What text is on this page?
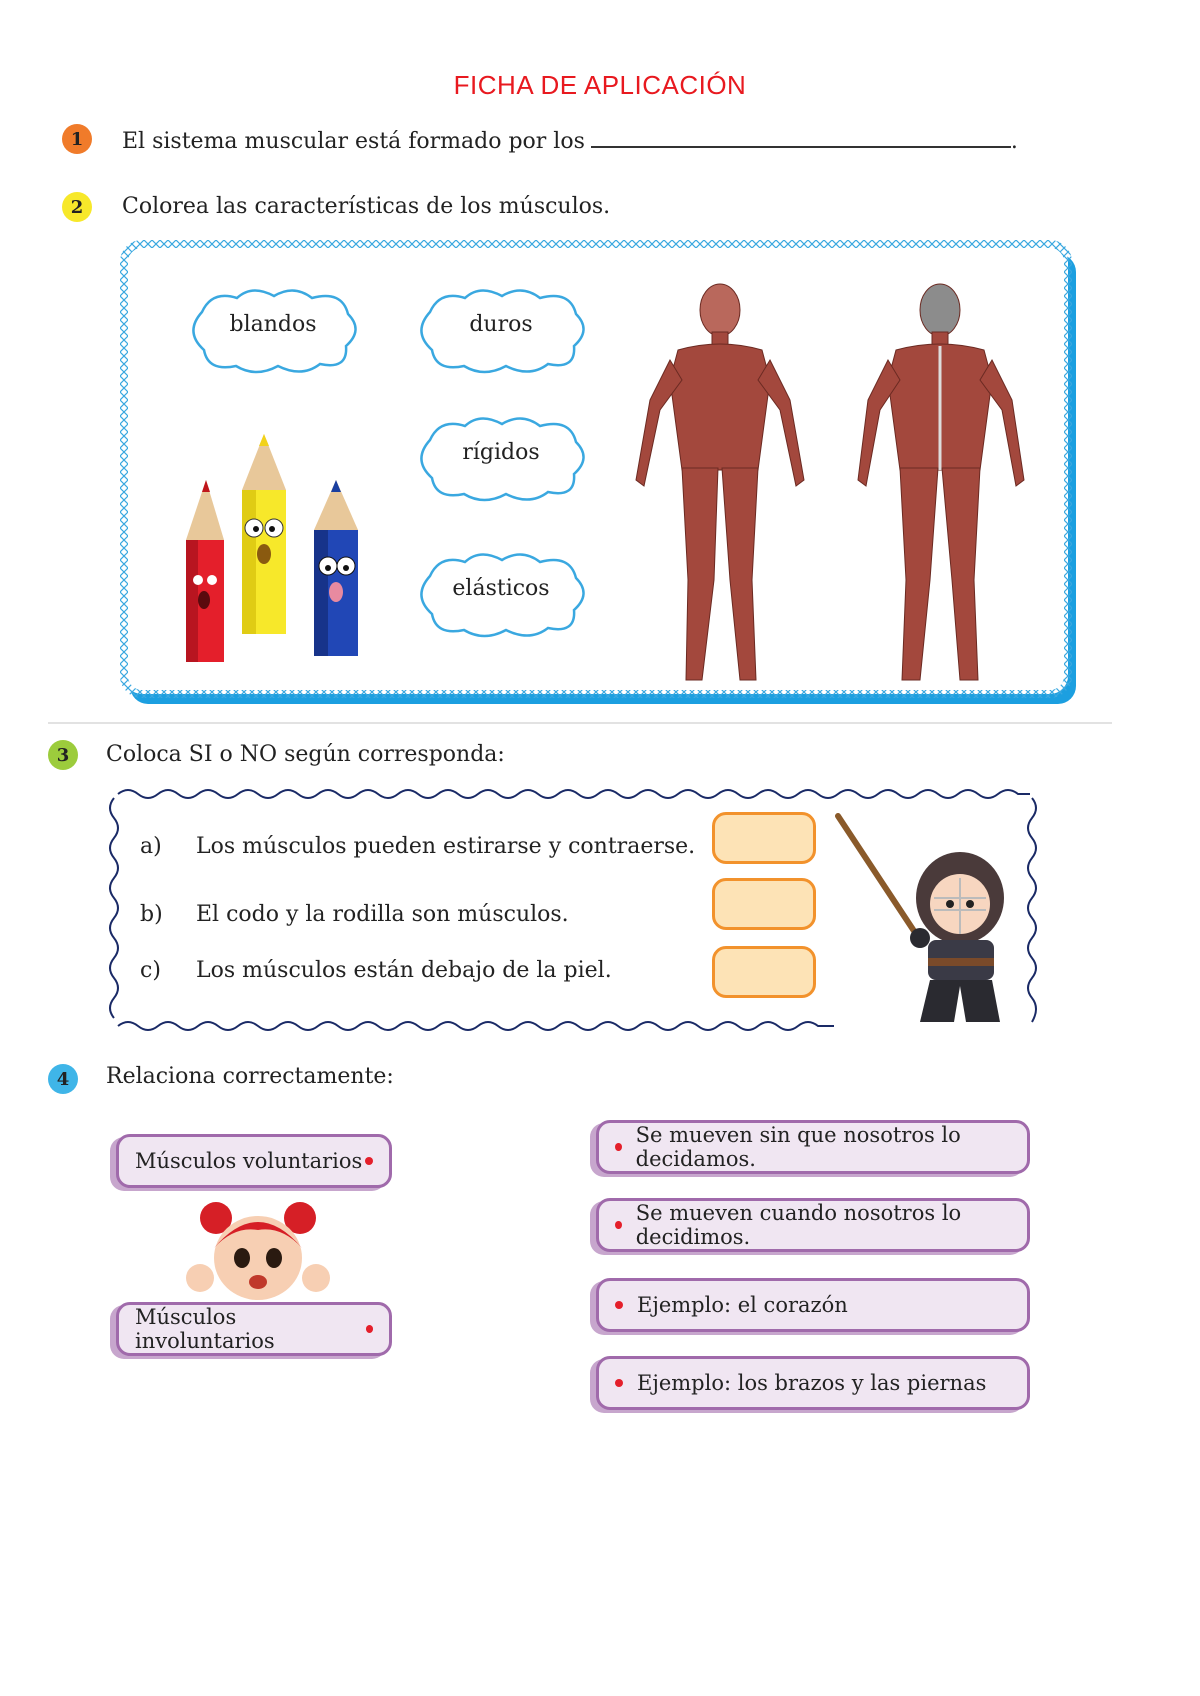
FICHA DE APLICACIÓN
1	El sistema muscular está formado por los	.
2	Colorea las características de los músculos.
blandos	duros
rígidos
elásticos
3	Coloca SI o NO según corresponda:
a) Los músculos pueden estirarse y contraerse.
b) El codo y la rodilla son músculos.
c) Los músculos están debajo de la piel.
4	Relaciona correctamente:
Músculos voluntarios
Músculos involuntarios
Se mueven sin que nosotros lo decidamos.
Se mueven cuando nosotros lo decidimos.
Ejemplo: el corazón
Ejemplo: los brazos y las piernas
